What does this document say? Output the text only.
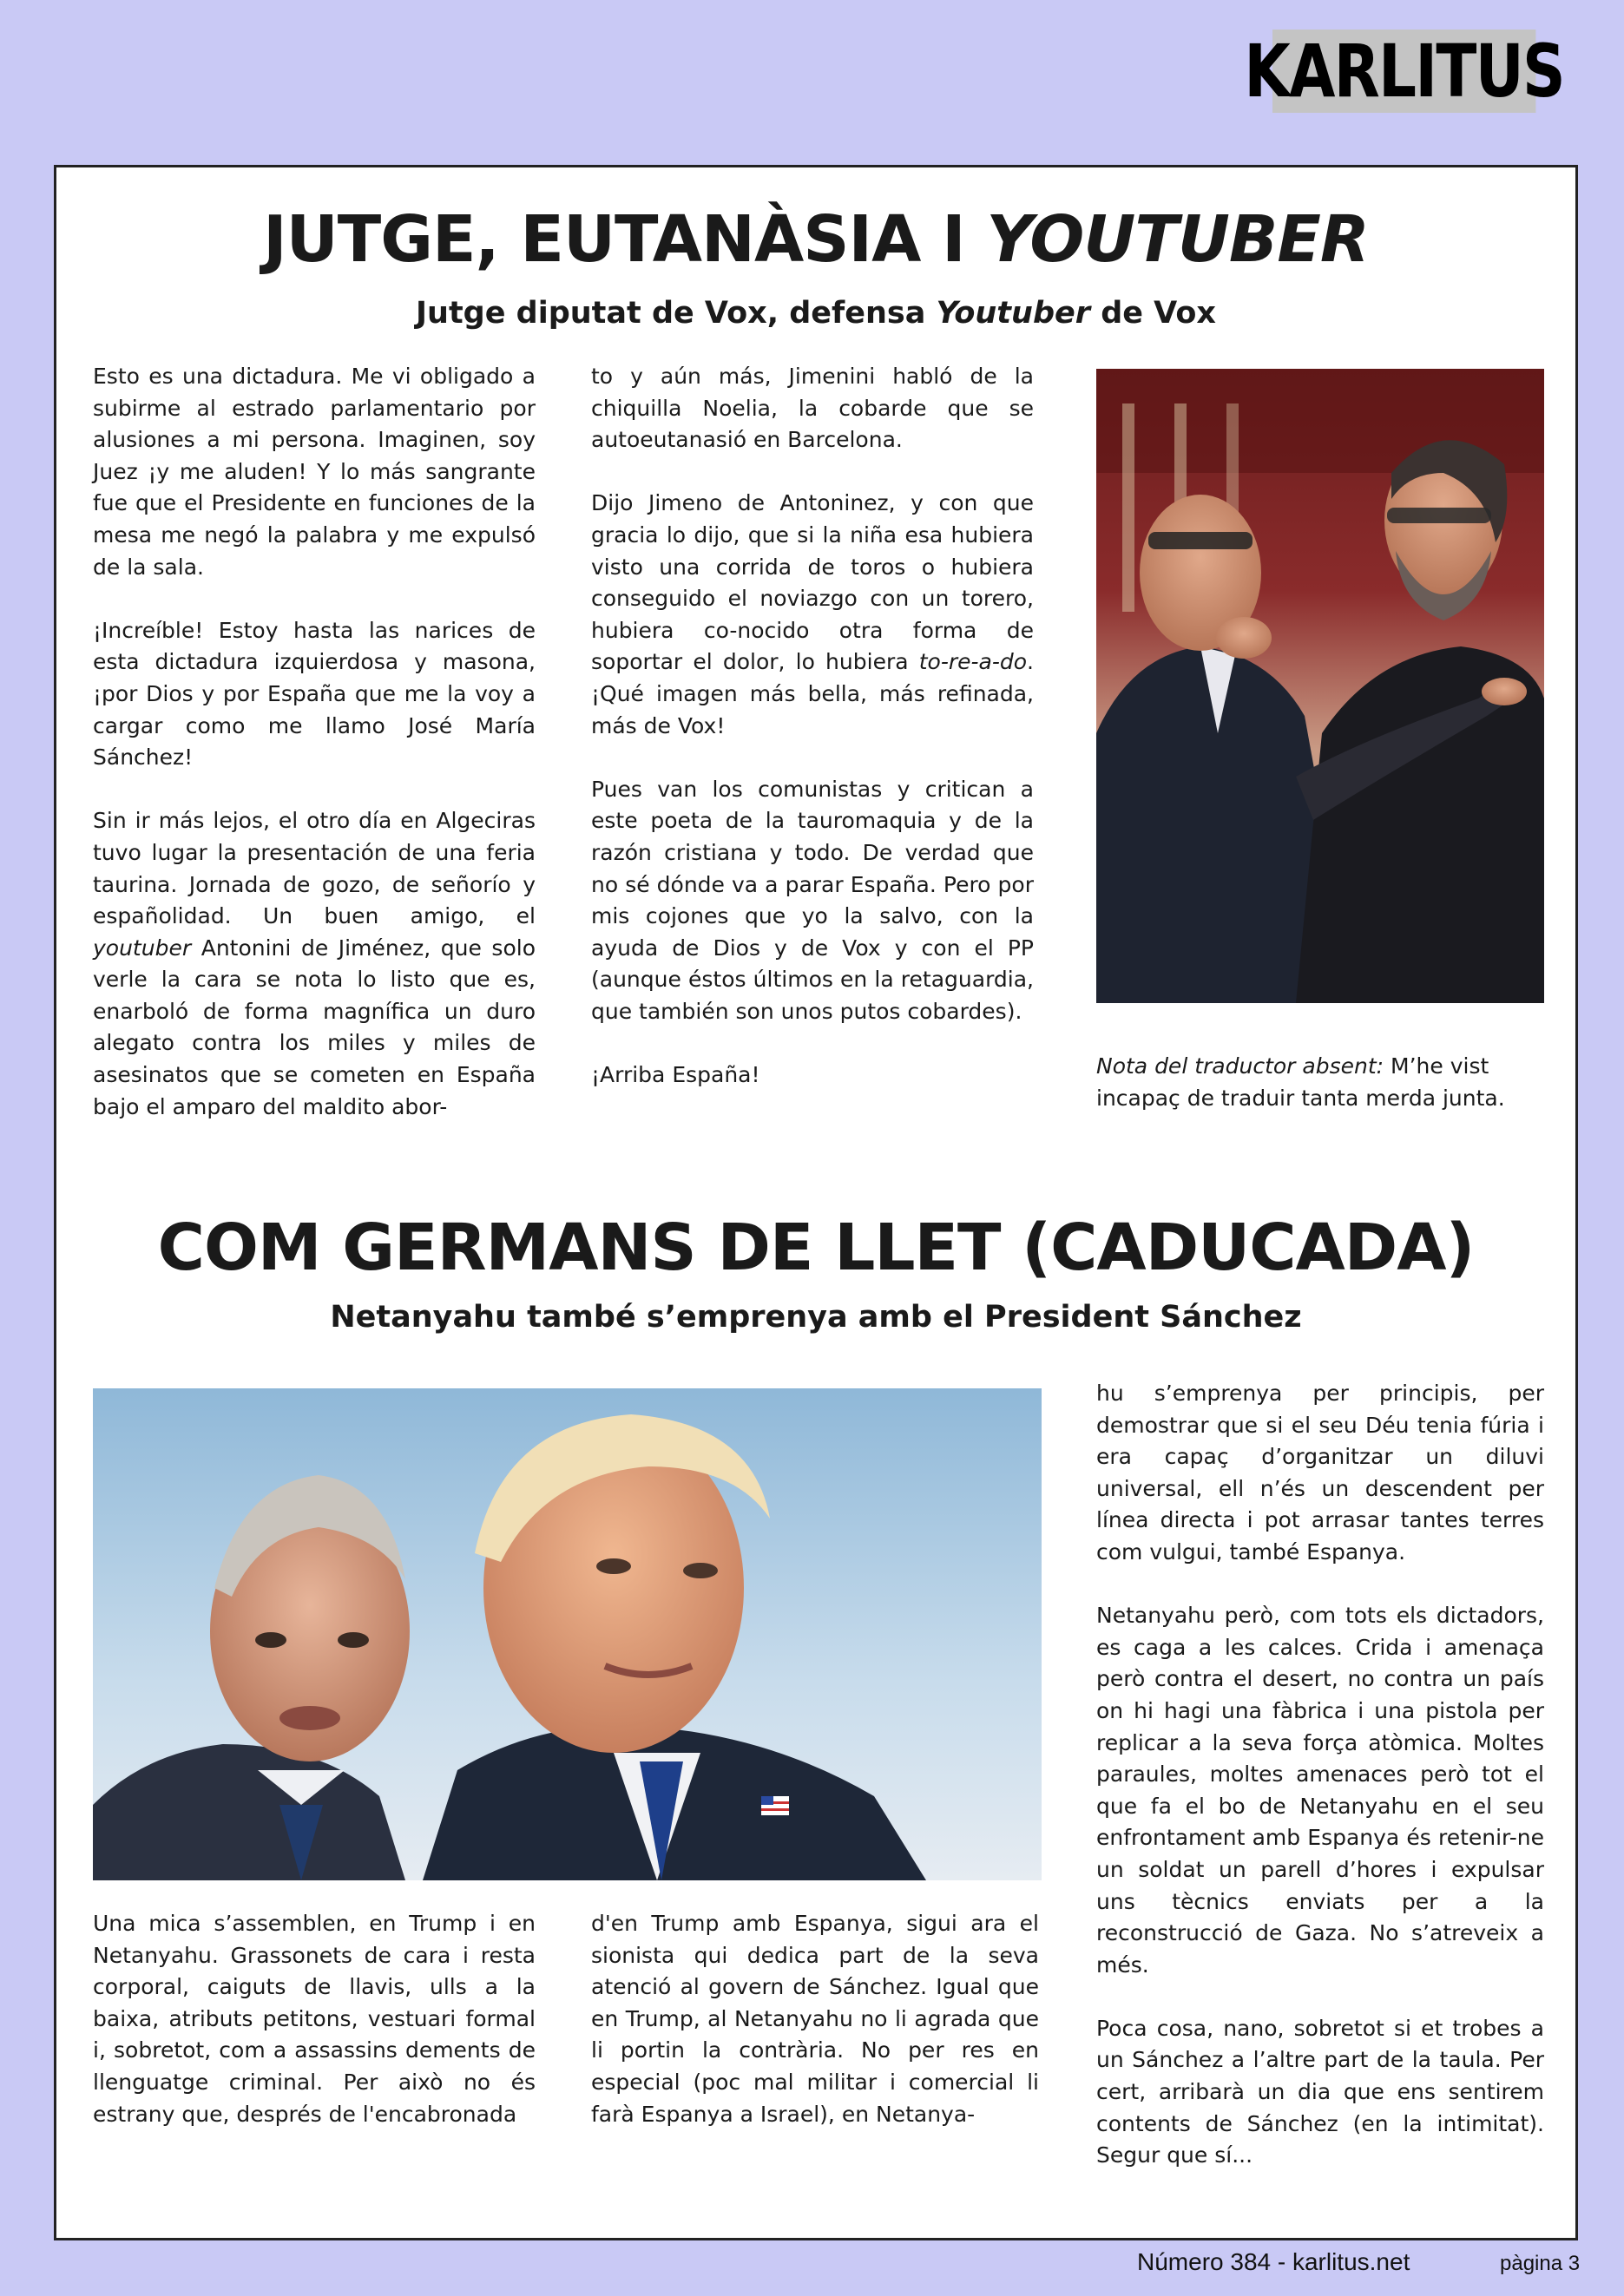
KARLITUS
JUTGE, EUTANÀSIA I YOUTUBER
Jutge diputat de Vox, defensa Youtuber de Vox

Esto es una dictadura. Me vi obligado a subirme al estrado parlamentario por alusiones a mi persona. Imaginen, soy Juez ¡y me aluden! Y lo más sangrante fue que el Presidente en funciones de la mesa me negó la palabra y me expulsó de la sala.

¡Increíble! Estoy hasta las narices de esta dictadura izquierdosa y masona, ¡por Dios y por España que me la voy a cargar como me llamo José María Sánchez!

Sin ir más lejos, el otro día en Algeciras tuvo lugar la presentación de una feria taurina. Jornada de gozo, de señorío y españolidad. Un buen amigo, el youtuber Antonini de Jiménez, que solo verle la cara se nota lo listo que es, enarboló de forma magnífica un duro alegato contra los miles y miles de asesinatos que se cometen en España bajo el amparo del maldito abor-

to y aún más, Jimenini habló de la chiquilla Noelia, la cobarde que se autoeutanasió en Barcelona.

Dijo Jimeno de Antoninez, y con que gracia lo dijo, que si la niña esa hubiera visto una corrida de toros o hubiera conseguido el noviazgo con un torero, hubiera co-nocido otra forma de soportar el dolor, lo hubiera to-re-a-do. ¡Qué imagen más bella, más refinada, más de Vox!

Pues van los comunistas y critican a este poeta de la tauromaquia y de la razón cristiana y todo. De verdad que no sé dónde va a parar España. Pero por mis cojones que yo la salvo, con la ayuda de Dios y de Vox y con el PP (aunque éstos últimos en la retaguardia, que también son unos putos cobardes).

¡Arriba España!	Nota del traductor absent: M’he vist incapaç de traduir tanta merda junta.

COM GERMANS DE LLET (CADUCADA)
Netanyahu també s’emprenya amb el President Sánchez

Una mica s’assemblen, en Trump i en Netanyahu. Grassonets de cara i resta corporal, caiguts de llavis, ulls a la baixa, atributs petitons, vestuari formal i, sobretot, com a assassins dements de llenguatge criminal. Per això no és estrany que, després de l'encabronada

d'en Trump amb Espanya, sigui ara el sionista qui dedica part de la seva atenció al govern de Sánchez. Igual que en Trump, al Netanyahu no li agrada que li portin la contrària. No per res en especial (poc mal militar i comercial li farà Espanya a Israel), en Netanya-

hu s’emprenya per principis, per demostrar que si el seu Déu tenia fúria i era capaç d’organitzar un diluvi universal, ell n’és un descendent per línea directa i pot arrasar tantes terres com vulgui, també Espanya.

Netanyahu però, com tots els dictadors, es caga a les calces. Crida i amenaça però contra el desert, no contra un país on hi hagi una fàbrica i una pistola per replicar a la seva força atòmica. Moltes paraules, moltes amenaces però tot el que fa el bo de Netanyahu en el seu enfrontament amb Espanya és retenir-ne un soldat un parell d’hores i expulsar uns tècnics enviats per a la reconstrucció de Gaza. No s’atreveix a més.

Poca cosa, nano, sobretot si et trobes a un Sánchez a l’altre part de la taula. Per cert, arribarà un dia que ens sentirem contents de Sánchez (en la intimitat). Segur que sí...

Número 384 - karlitus.net	pàgina 3
